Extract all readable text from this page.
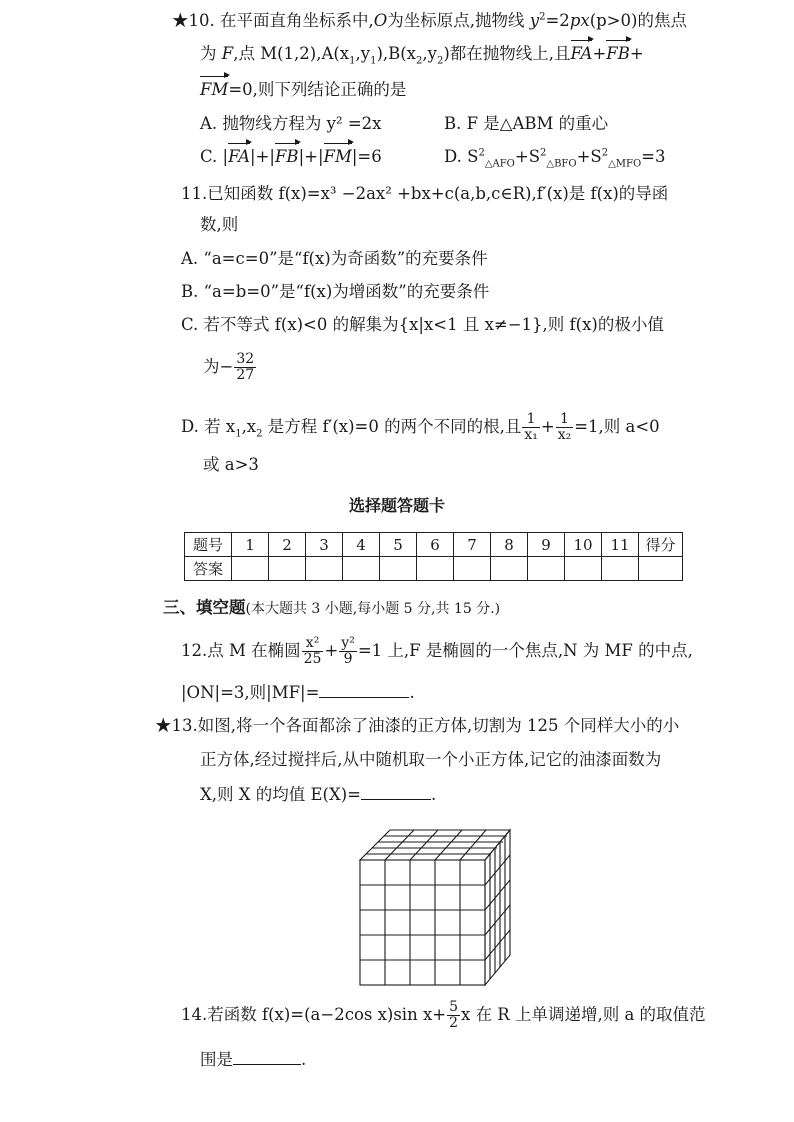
★10. 在平面直角坐标系中,O为坐标原点,抛物线 $y^2=2px(p>0)$的焦点
为 F,点 $M(1,2),A(x_1,y_1),B(x_2,y_2)$都在抛物线上,且FA+FB+
FM=0,则下列结论正确的是
A. 抛物线方程为 y² =2x	B. F 是△ABM 的重心
C. |FA|+|FB|+|FM|=6	D. $S^2_{\triangle AFO}+S^2_{\triangle BFO}+S^2_{\triangle MFO}=3$
11.已知函数 f(x)=x³ −2ax² +bx+c(a,b,c∈R),f′(x)是 f(x)的导函
数,则
A. “a=c=0”是“f(x)为奇函数”的充要条件
B. “a=b=0”是“f(x)为增函数”的充要条件
C. 若不等式 f(x)<0 的解集为{x|x<1 且 x≠−1},则 f(x)的极小值
为− $\frac{32}{27}$
D. 若 $x_1,x_2$ 是方程 f′(x)=0 的两个不同的根,且 $\frac{1}{\text{x₁}} + \frac{1}{\text{x₂}} =1$,则 a<0
或 a>3
选择题答题卡
题号	1	2	3	4	5	6	7	8	9	10	11	得分
答案												
三、填空题(本大题共 3 小题,每小题 5 分,共 15 分.)
12.点 M 在椭圆 $\frac{\text{x²}}{25} + \frac{\text{y²}}{9} =1$ 上,F 是椭圆的一个焦点,N 为 MF 的中点,
|ON|=3,则|MF|=	.
★13.如图,将一个各面都涂了油漆的正方体,切割为 125 个同样大小的小
正方体,经过搅拌后,从中随机取一个小正方体,记它的油漆面数为
X,则 X 的均值 E(X)=	.
14.若函数 f(x)=(a−2cos x)sin $x+ \frac{5}{2}$ x 在 R 上单调递增,则 a 的取值范
围是	.
